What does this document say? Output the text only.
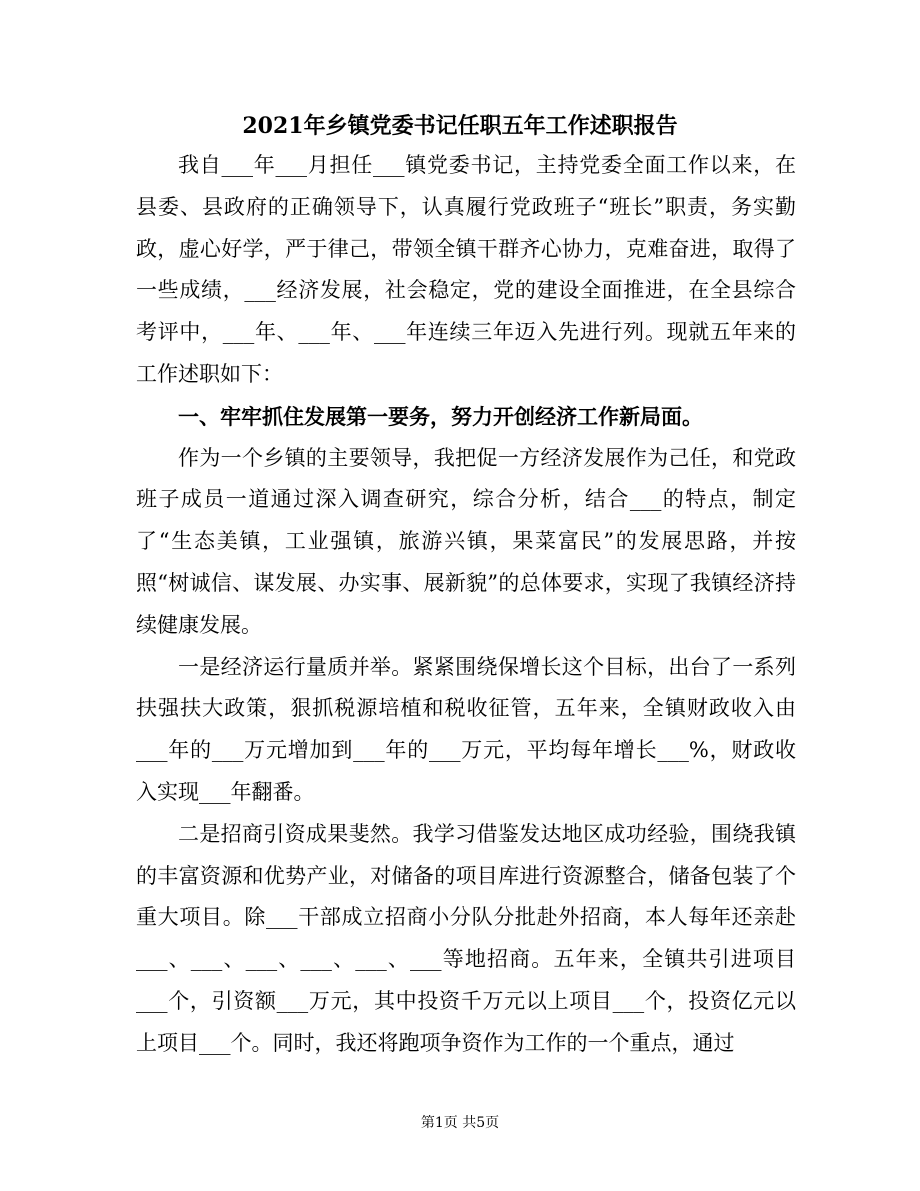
2021年乡镇党委书记任职五年工作述职报告

我自___年___月担任___镇党委书记，主持党委全面工作以来，在县委、县政府的正确领导下，认真履行党政班子“班长”职责，务实勤政，虚心好学，严于律己，带领全镇干群齐心协力，克难奋进，取得了一些成绩，___经济发展，社会稳定，党的建设全面推进，在全县综合考评中，___年、___年、___年连续三年迈入先进行列。现就五年来的工作述职如下：

一、牢牢抓住发展第一要务，努力开创经济工作新局面。

作为一个乡镇的主要领导，我把促一方经济发展作为己任，和党政班子成员一道通过深入调查研究，综合分析，结合___的特点，制定了“生态美镇，工业强镇，旅游兴镇，果菜富民”的发展思路，并按照“树诚信、谋发展、办实事、展新貌”的总体要求，实现了我镇经济持续健康发展。

一是经济运行量质并举。紧紧围绕保增长这个目标，出台了一系列扶强扶大政策，狠抓税源培植和税收征管，五年来，全镇财政收入由___年的___万元增加到___年的___万元，平均每年增长___%，财政收入实现___年翻番。

二是招商引资成果斐然。我学习借鉴发达地区成功经验，围绕我镇的丰富资源和优势产业，对储备的项目库进行资源整合，储备包装了个重大项目。除___干部成立招商小分队分批赴外招商，本人每年还亲赴___、___、___、___、___、___等地招商。五年来，全镇共引进项目___个，引资额___万元，其中投资千万元以上项目___个，投资亿元以上项目___个。同时，我还将跑项争资作为工作的一个重点，通过

第1页 共5页
